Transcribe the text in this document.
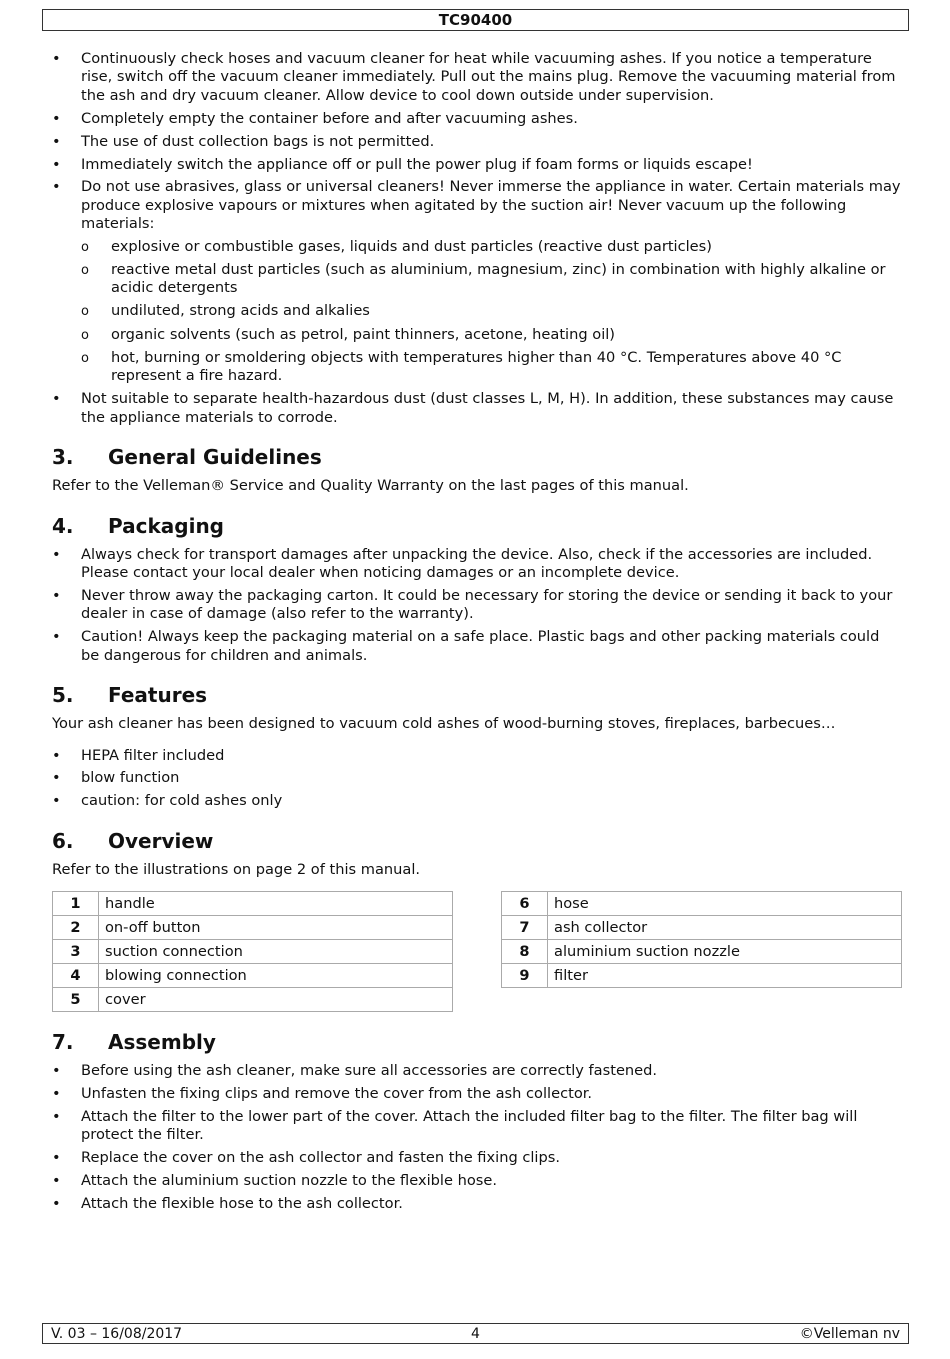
TC90400
• Continuously check hoses and vacuum cleaner for heat while vacuuming ashes. If you notice a temperature rise, switch off the vacuum cleaner immediately. Pull out the mains plug. Remove the vacuuming material from the ash and dry vacuum cleaner. Allow device to cool down outside under supervision.
• Completely empty the container before and after vacuuming ashes.
• The use of dust collection bags is not permitted.
• Immediately switch the appliance off or pull the power plug if foam forms or liquids escape!
• Do not use abrasives, glass or universal cleaners! Never immerse the appliance in water. Certain materials may produce explosive vapours or mixtures when agitated by the suction air! Never vacuum up the following materials:
o explosive or combustible gases, liquids and dust particles (reactive dust particles)
o reactive metal dust particles (such as aluminium, magnesium, zinc) in combination with highly alkaline or acidic detergents
o undiluted, strong acids and alkalies
o organic solvents (such as petrol, paint thinners, acetone, heating oil)
o hot, burning or smoldering objects with temperatures higher than 40 °C. Temperatures above 40 °C represent a fire hazard.
• Not suitable to separate health-hazardous dust (dust classes L, M, H). In addition, these substances may cause the appliance materials to corrode.
3.	General Guidelines

Refer to the Velleman® Service and Quality Warranty on the last pages of this manual.

4.	Packaging
• Always check for transport damages after unpacking the device. Also, check if the accessories are included. Please contact your local dealer when noticing damages or an incomplete device.
• Never throw away the packaging carton. It could be necessary for storing the device or sending it back to your dealer in case of damage (also refer to the warranty).
• Caution! Always keep the packaging material on a safe place. Plastic bags and other packing materials could be dangerous for children and animals.
5.	Features

Your ash cleaner has been designed to vacuum cold ashes of wood-burning stoves, fireplaces, barbecues…

• HEPA filter included
• blow function
• caution: for cold ashes only
6.	Overview

Refer to the illustrations on page 2 of this manual.

1	handle
2	on-off button
3	suction connection
4	blowing connection
5	cover
6	hose
7	ash collector
8	aluminium suction nozzle
9	filter
7.	Assembly
• Before using the ash cleaner, make sure all accessories are correctly fastened.
• Unfasten the fixing clips and remove the cover from the ash collector.
• Attach the filter to the lower part of the cover. Attach the included filter bag to the filter. The filter bag will protect the filter.
• Replace the cover on the ash collector and fasten the fixing clips.
• Attach the aluminium suction nozzle to the flexible hose.
• Attach the flexible hose to the ash collector.
V. 03 – 16/08/2017	4	©Velleman nv
